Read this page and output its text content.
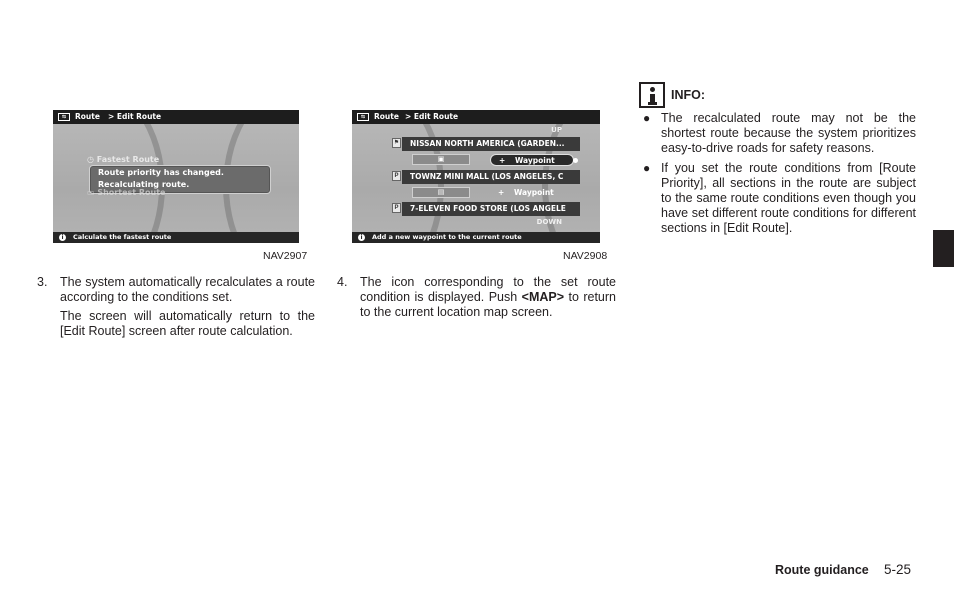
⇆	Route > Edit Route
◷ Fastest Route
Route priority has changed.
Recalculating route.
▭ Shortest Route
i	Calculate the fastest route
NAV2907
⇆	Route > Edit Route
UP
NISSAN NORTH AMERICA (GARDEN...
⚑
▣	+ Waypoint
TOWNZ MINI MALL (LOS ANGELES, C
P
▤	+ Waypoint
7-ELEVEN FOOD STORE (LOS ANGELE
P
DOWN
i	Add a new waypoint to the current route
NAV2908
3. The system automatically recalculates a route according to the conditions set.
The screen will automatically return to the [Edit Route] screen after route calculation.
4. The icon corresponding to the set route condition is displayed. Push <MAP> to return to the current location map screen.
INFO:
● The recalculated route may not be the shortest route because the system prioritizes easy-to-drive roads for safety reasons.
● If you set the route conditions from [Route Priority], all sections in the route are subject to the same route conditions even though you have set different route conditions for different sections in [Edit Route].
Route guidance 5-25
